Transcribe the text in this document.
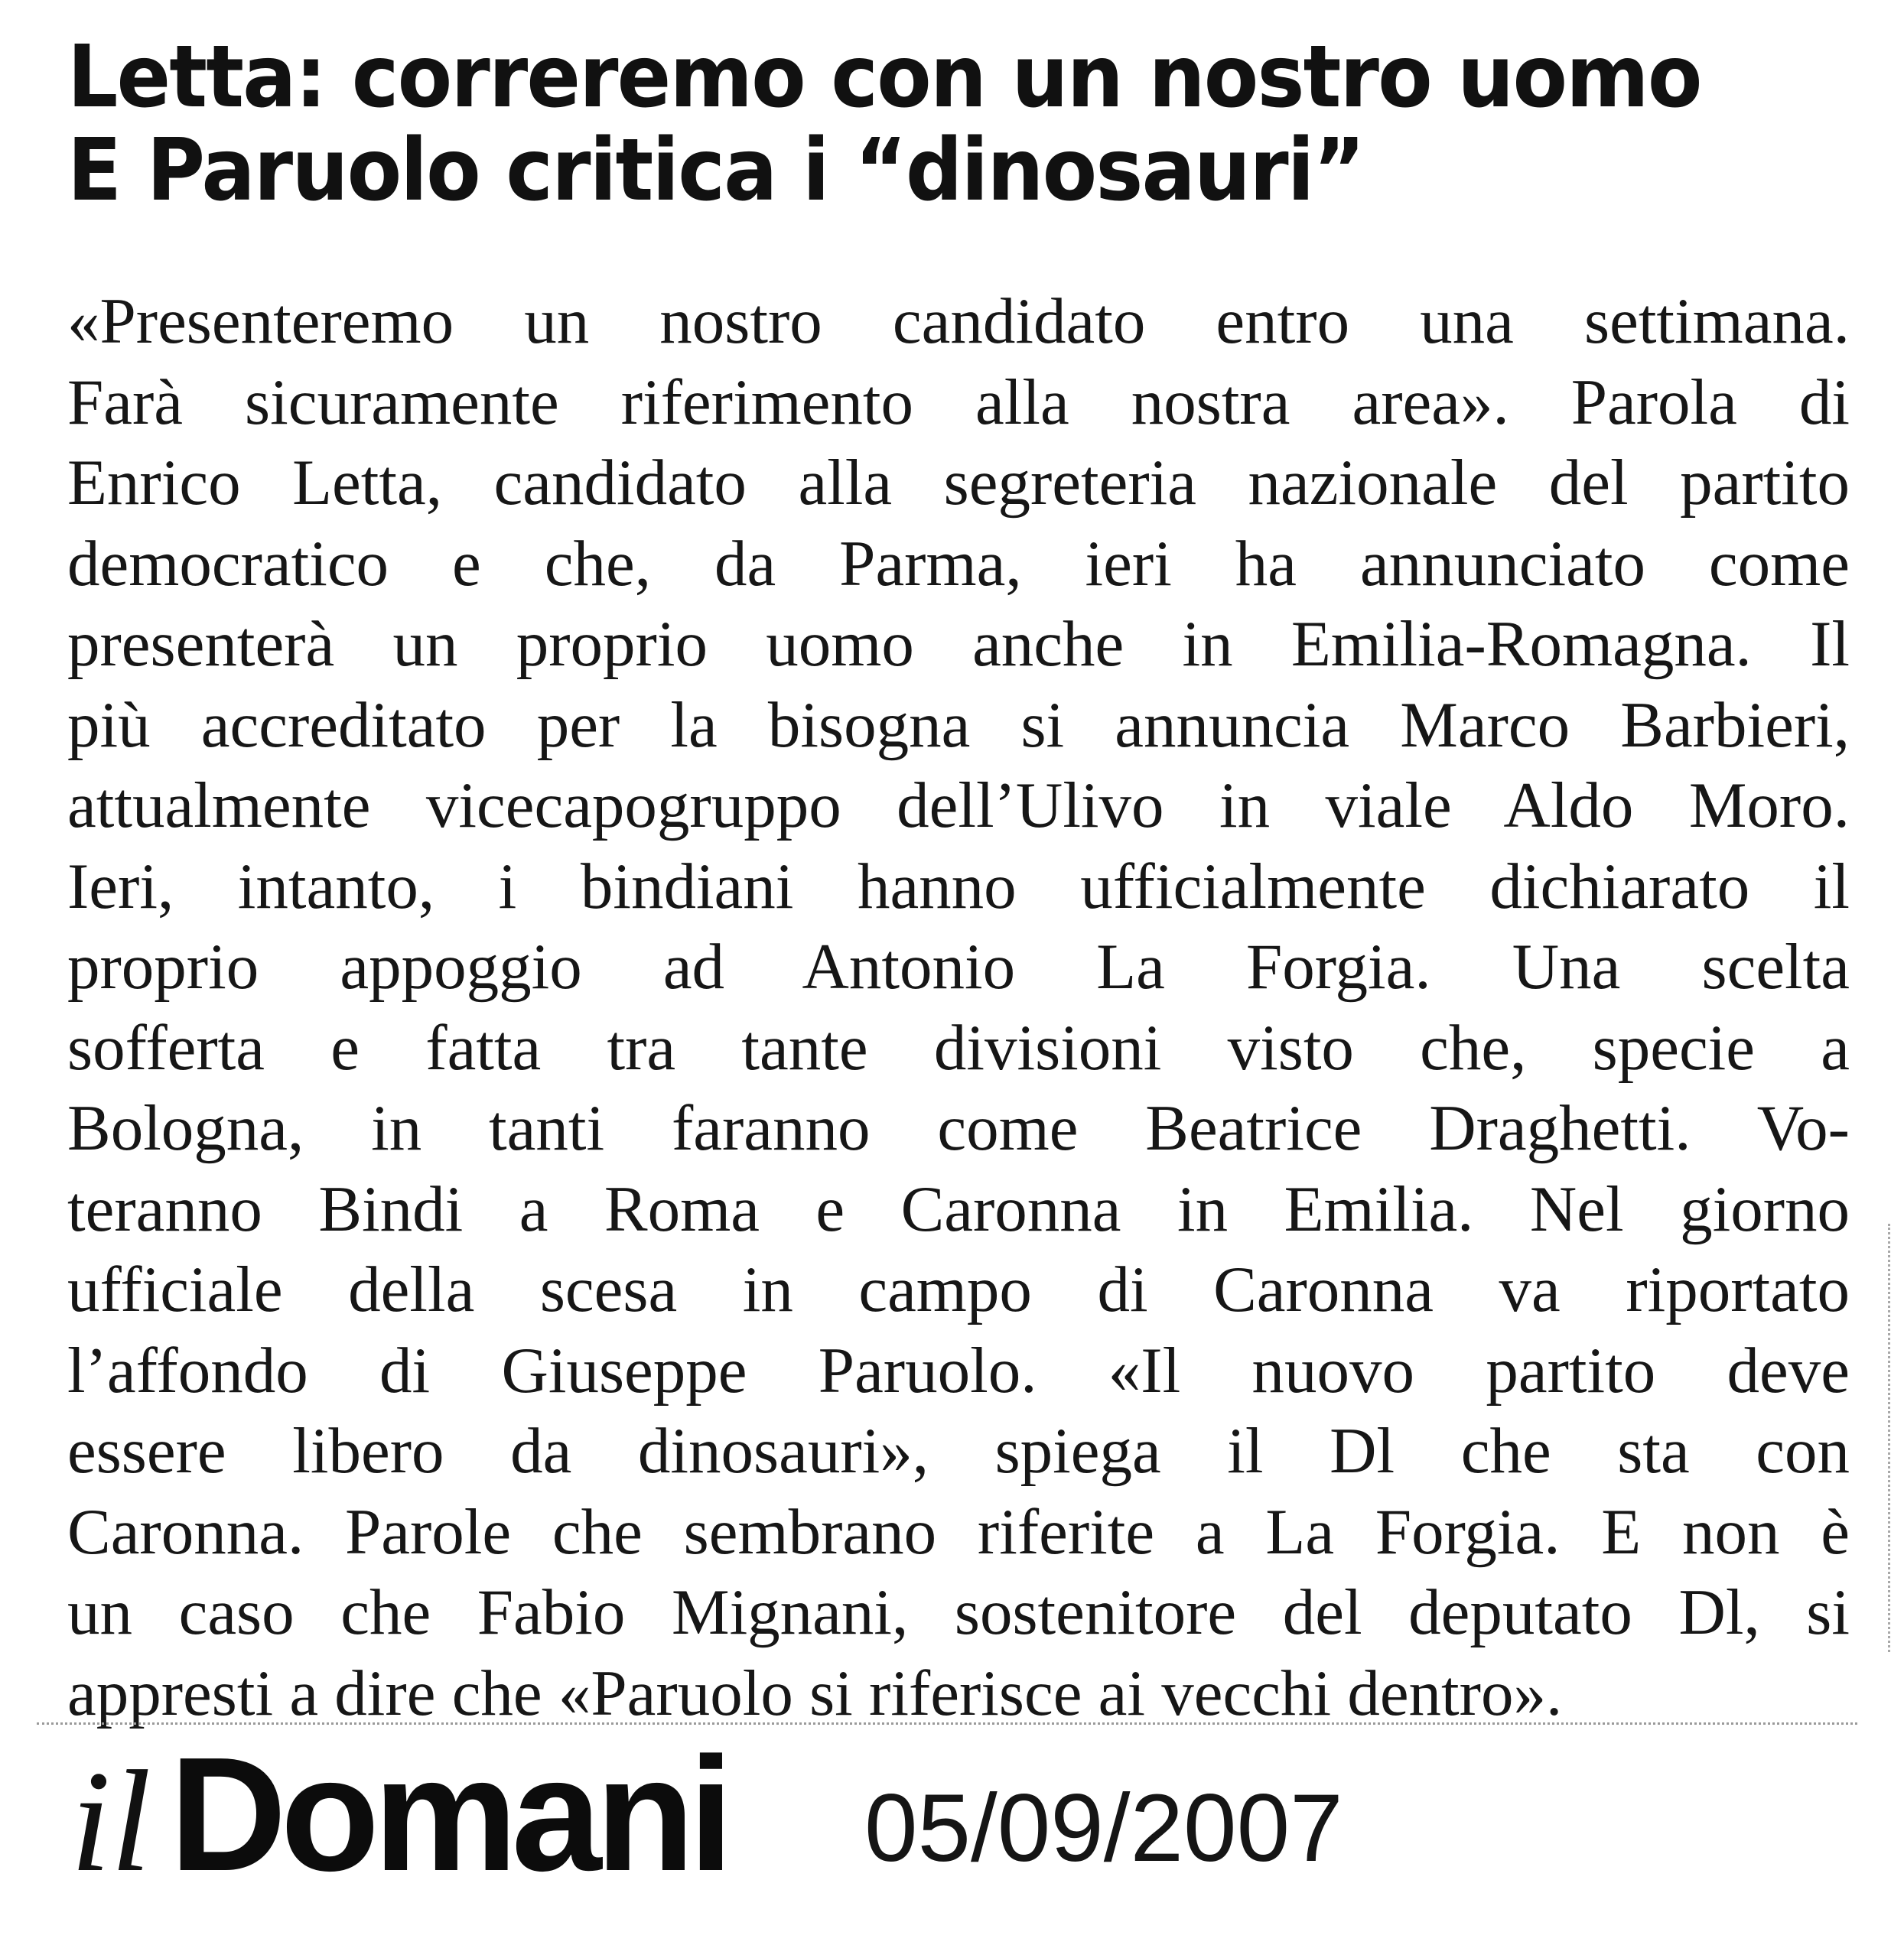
Letta: correremo con un nostro uomo
E Paruolo critica i “dinosauri”
«Presenteremo un nostro candidato entro una settimana.
Farà sicuramente riferimento alla nostra area». Parola di
Enrico Letta, candidato alla segreteria nazionale del partito
democratico e che, da Parma, ieri ha annunciato come
presenterà un proprio uomo anche in Emilia-Romagna. Il
più accreditato per la bisogna si annuncia Marco Barbieri,
attualmente vicecapogruppo dell’Ulivo in viale Aldo Moro.
Ieri, intanto, i bindiani hanno ufficialmente dichiarato il
proprio appoggio ad Antonio La Forgia. Una scelta
sofferta e fatta tra tante divisioni visto che, specie a
Bologna, in tanti faranno come Beatrice Draghetti. Vo-
teranno Bindi a Roma e Caronna in Emilia. Nel giorno
ufficiale della scesa in campo di Caronna va riportato
l’affondo di Giuseppe Paruolo. «Il nuovo partito deve
essere libero da dinosauri», spiega il Dl che sta con
Caronna. Parole che sembrano riferite a La Forgia. E non è
un caso che Fabio Mignani, sostenitore del deputato Dl, si
appresti a dire che «Paruolo si riferisce ai vecchi dentro».
il Domani 05/09/2007
